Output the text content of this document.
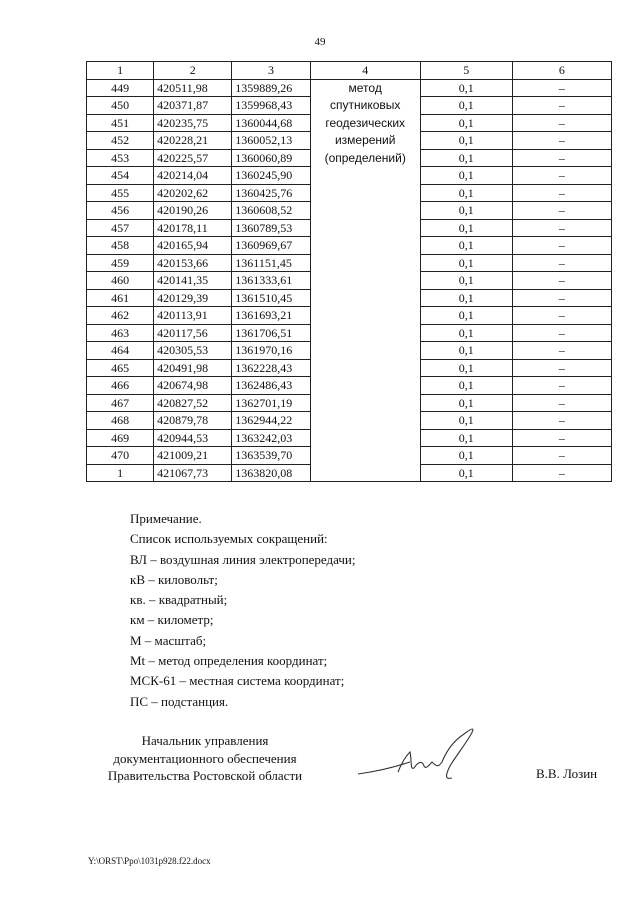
49
1	2	3	4	5	6
449	420511,98	1359889,26	метод
спутниковых
геодезических
измерений
(определений)	0,1	–
450	420371,87	1359968,43		0,1	–
451	420235,75	1360044,68		0,1	–
452	420228,21	1360052,13		0,1	–
453	420225,57	1360060,89		0,1	–
454	420214,04	1360245,90		0,1	–
455	420202,62	1360425,76		0,1	–
456	420190,26	1360608,52		0,1	–
457	420178,11	1360789,53		0,1	–
458	420165,94	1360969,67		0,1	–
459	420153,66	1361151,45		0,1	–
460	420141,35	1361333,61		0,1	–
461	420129,39	1361510,45		0,1	–
462	420113,91	1361693,21		0,1	–
463	420117,56	1361706,51		0,1	–
464	420305,53	1361970,16		0,1	–
465	420491,98	1362228,43		0,1	–
466	420674,98	1362486,43		0,1	–
467	420827,52	1362701,19		0,1	–
468	420879,78	1362944,22		0,1	–
469	420944,53	1363242,03		0,1	–
470	421009,21	1363539,70		0,1	–
1	421067,73	1363820,08		0,1	–
Примечание.
Список используемых сокращений:
ВЛ – воздушная линия электропередачи;
кВ – киловольт;
кв. – квадратный;
км – километр;
М – масштаб;
Mt – метод определения координат;
МСК-61 – местная система координат;
ПС – подстанция.
Начальник управления
документационного обеспечения
Правительства Ростовской области	В.В. Лозин
Y:\ORST\Ppo\1031p928.f22.docx
